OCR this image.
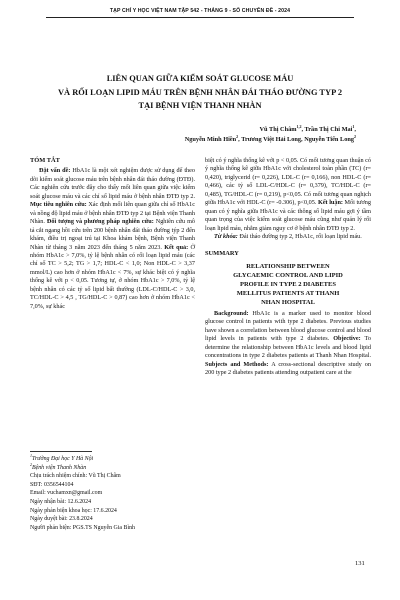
TẠP CHÍ Y HỌC VIỆT NAM TẬP 542 - THÁNG 9 - SỐ CHUYÊN ĐỀ - 2024
LIÊN QUAN GIỮA KIỂM SOÁT GLUCOSE MÁU
VÀ RỐI LOẠN LIPID MÁU TRÊN BỆNH NHÂN ĐÁI THÁO ĐƯỜNG TYP 2
TẠI BỆNH VIỆN THANH NHÀN
Vũ Thị Châm$^{1,2}$, Trần Thị Chi Mai$^1$,
Nguyễn Minh Hiền$^2$, Trương Việt Hải Long, Nguyễn Tiến Long$^2$
TÓM TẮT
Đặt vấn đề: HbA1c là một xét nghiệm được sử dụng để theo dõi kiểm soát glucose máu trên bệnh nhân đái tháo đường (ĐTĐ). Các nghiên cứu trước đây cho thấy mối liên quan giữa việc kiểm soát glucose máu và các chỉ số lipid máu ở bệnh nhân ĐTĐ typ 2. Mục tiêu nghiên cứu: Xác định mối liên quan giữa chỉ số HbA1c và nồng độ lipid máu ở bệnh nhân ĐTĐ typ 2 tại Bệnh viện Thanh Nhàn. Đối tượng và phương pháp nghiên cứu: Nghiên cứu mô tả cắt ngang hồi cứu trên 200 bệnh nhân đái tháo đường týp 2 đến khám, điều trị ngoại trú tại Khoa khám bệnh, Bệnh viện Thanh Nhàn từ tháng 3 năm 2023 đến tháng 5 năm 2023. Kết quả: Ở nhóm HbA1c > 7,0%, tỷ lệ bệnh nhân có rối loạn lipid máu (các chỉ số TC > 5,2; TG > 1,7; HDL-C < 1,0; Non HDL-C > 3,37 mmol/L) cao hơn ở nhóm HbA1c < 7%, sự khác biệt có ý nghĩa thống kê với p < 0,05. Tương tự, ở nhóm HbA1c > 7,0%, tỷ lệ bệnh nhân có các tỷ số lipid bất thường (LDL-C/HDL-C > 3,0, TC/HDL-C > 4,5 , TG/HDL-C > 0,87) cao hơn ở nhóm HbA1c < 7,0%, sự khác
$^1$Trường Đại học Y Hà Nội
$^2$Bệnh viện Thanh Nhàn
Chịu trách nhiệm chính: Vũ Thị Châm
SĐT: 0356544104
Email: vuchamxn@gmail.com
Ngày nhận bài: 12.6.2024
Ngày phản biện khoa học: 17.6.2024
Ngày duyệt bài: 23.8.2024
Người phản biện: PGS.TS Nguyễn Gia Bình
biệt có ý nghĩa thống kê với p < 0,05. Có mối tương quan thuận có ý nghĩa thống kê giữa HbA1c với cholesterol toàn phần (TC) (r= 0,420), triglycerid (r= 0,226), LDL-C (r= 0,166), non HDL-C (r= 0,466), các tỷ số LDL-C/HDL-C (r= 0,379), TC/HDL-C (r= 0,485), TG/HDL-C (r= 0,219), p<0,05. Có mối tương quan nghịch giữa HbA1c với HDL-C (r= -0.306), p<0,05. Kết luận: Mối tương quan có ý nghĩa giữa HbA1c và các thông số lipid máu gợi ý tầm quan trọng của việc kiểm soát glucose máu cũng như quản lý rối loạn lipid máu, nhằm giảm nguy cơ ở bệnh nhân ĐTĐ typ 2.
Từ khóa: Đái tháo đường typ 2, HbA1c, rối loạn lipid máu.
SUMMARY
RELATIONSHIP BETWEEN
GLYCAEMIC CONTROL AND LIPID
PROFILE IN TYPE 2 DIABETES
MELLITUS PATIENTS AT THANH
NHAN HOSPITAL
Background: HbA1c is a marker used to monitor blood glucose control in patients with type 2 diabetes. Previous studies have shown a correlation between blood glucose control and blood lipid levels in patients with type 2 diabetes. Objective: To determine the relationship between HbA1c levels and blood lipid concentrations in type 2 diabetes patients at Thanh Nhan Hospital. Subjects and Methods: A cross-sectional descriptive study on 200 type 2 diabetes patients attending outpatient care at the
131
